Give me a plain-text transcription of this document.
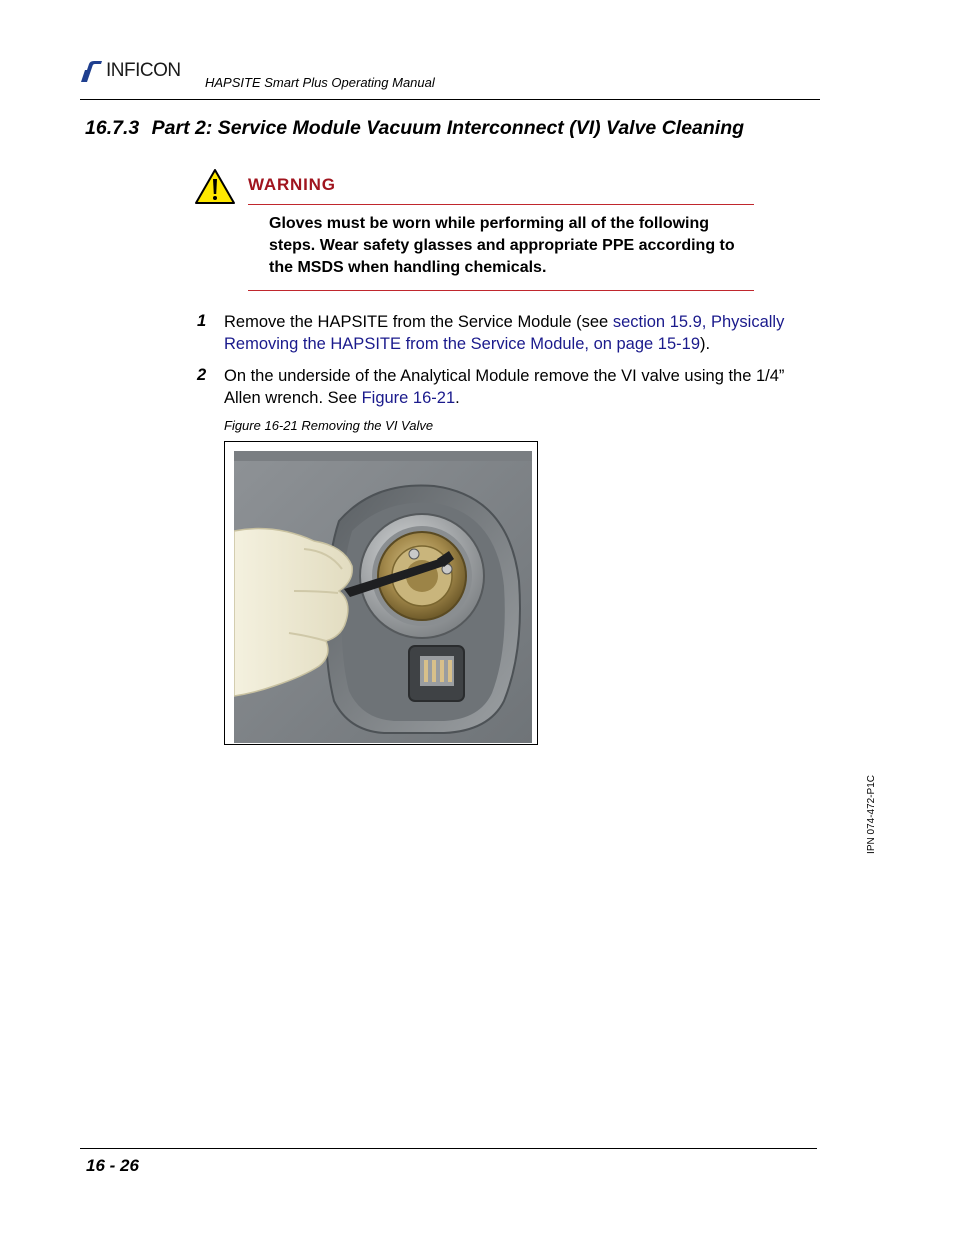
INFICON
HAPSITE Smart Plus Operating Manual
16.7.3 Part 2: Service Module Vacuum Interconnect (VI) Valve Cleaning
WARNING
Gloves must be worn while performing all of the following steps. Wear safety glasses and appropriate PPE according to the MSDS when handling chemicals.
1 Remove the HAPSITE from the Service Module (see section 15.9, Physically Removing the HAPSITE from the Service Module, on page 15-19).
2 On the underside of the Analytical Module remove the VI valve using the 1/4” Allen wrench. See Figure 16-21.
Figure 16-21 Removing the VI Valve
IPN 074-472-P1C
16 - 26
